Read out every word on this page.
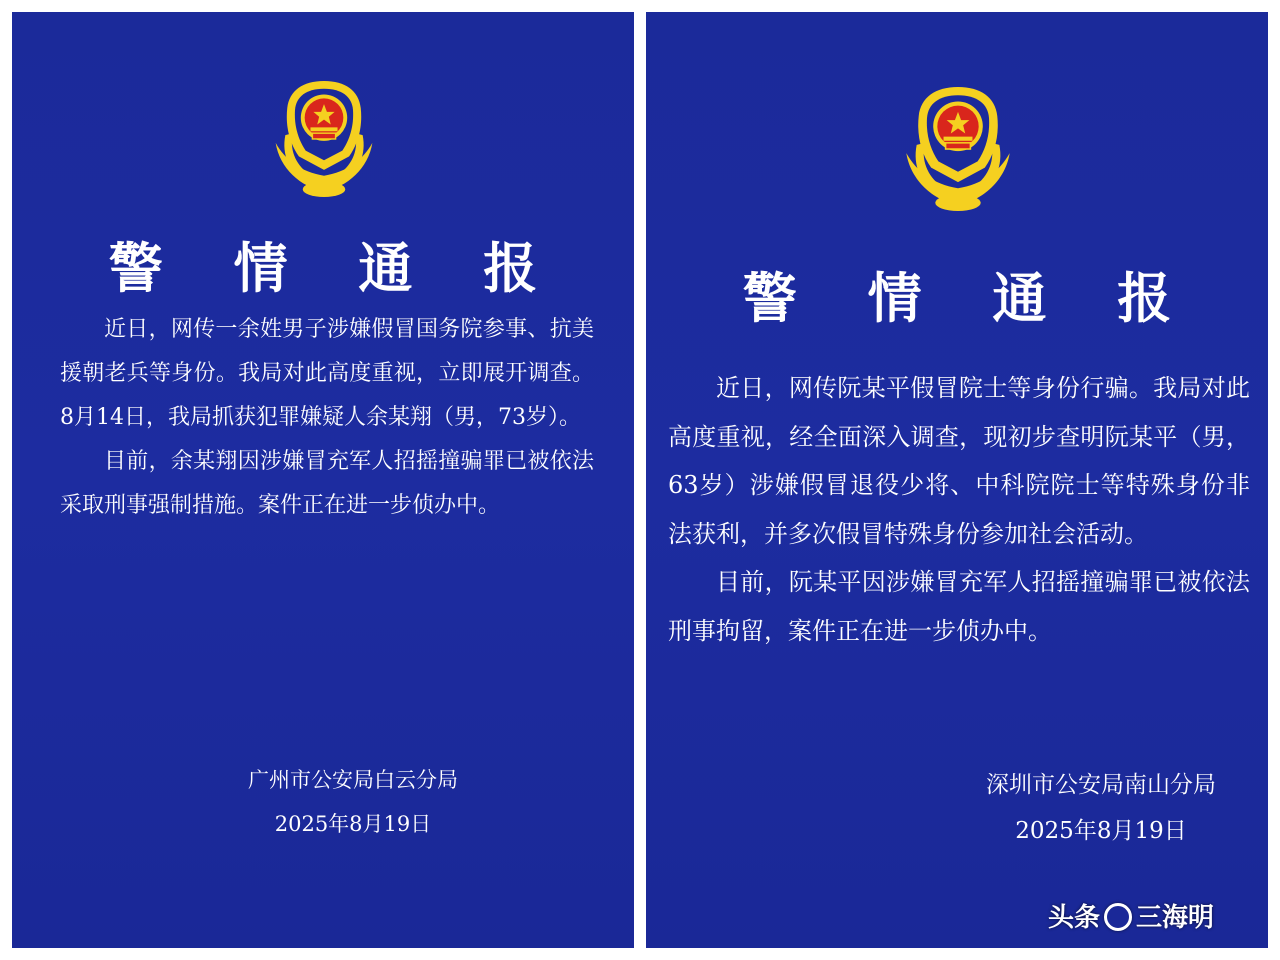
警 情 通 报

近日，网传一余姓男子涉嫌假冒国务院参事、抗美援朝老兵等身份。我局对此高度重视，立即展开调查。8月14日，我局抓获犯罪嫌疑人余某翔（男，73岁）。

目前，余某翔因涉嫌冒充军人招摇撞骗罪已被依法采取刑事强制措施。案件正在进一步侦办中。

广州市公安局白云分局
2025年8月19日
警 情 通 报

近日，网传阮某平假冒院士等身份行骗。我局对此高度重视，经全面深入调查，现初步查明阮某平（男，63岁）涉嫌假冒退役少将、中科院院士等特殊身份非法获利，并多次假冒特殊身份参加社会活动。

目前，阮某平因涉嫌冒充军人招摇撞骗罪已被依法刑事拘留，案件正在进一步侦办中。

深圳市公安局南山分局
2025年8月19日
头条 三海明
